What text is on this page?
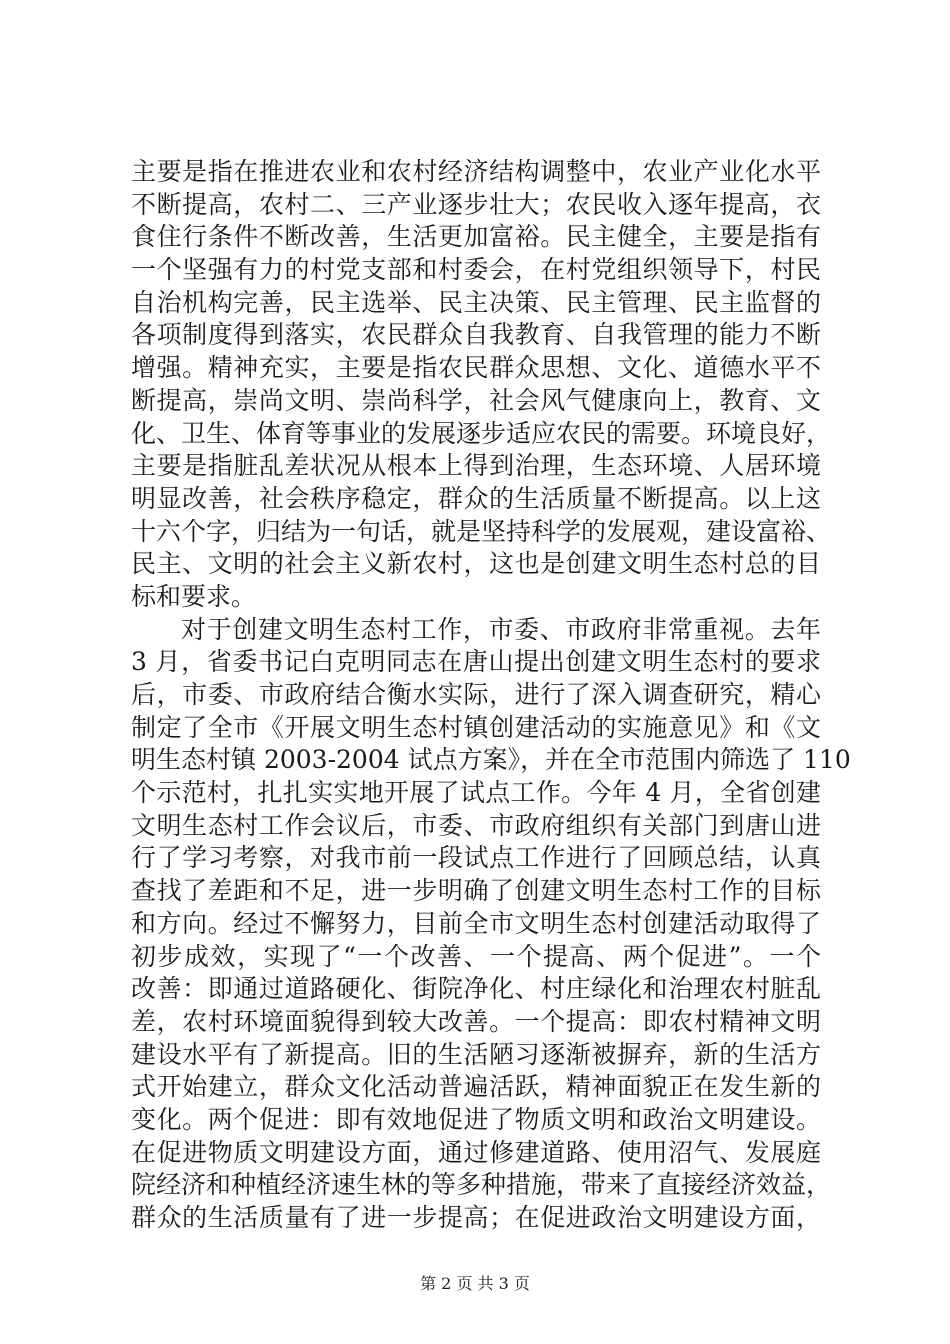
主要是指在推进农业和农村经济结构调整中，农业产业化水平
不断提高，农村二、三产业逐步壮大；农民收入逐年提高，衣
食住行条件不断改善，生活更加富裕。民主健全，主要是指有
一个坚强有力的村党支部和村委会，在村党组织领导下，村民
自治机构完善，民主选举、民主决策、民主管理、民主监督的
各项制度得到落实，农民群众自我教育、自我管理的能力不断
增强。精神充实，主要是指农民群众思想、文化、道德水平不
断提高，崇尚文明、崇尚科学，社会风气健康向上，教育、文
化、卫生、体育等事业的发展逐步适应农民的需要。环境良好，
主要是指脏乱差状况从根本上得到治理，生态环境、人居环境
明显改善，社会秩序稳定，群众的生活质量不断提高。以上这
十六个字，归结为一句话，就是坚持科学的发展观，建设富裕、
民主、文明的社会主义新农村，这也是创建文明生态村总的目
标和要求。
对于创建文明生态村工作，市委、市政府非常重视。去年
3 月，省委书记白克明同志在唐山提出创建文明生态村的要求
后，市委、市政府结合衡水实际，进行了深入调查研究，精心
制定了全市《开展文明生态村镇创建活动的实施意见》和《文
明生态村镇 2003-2004 试点方案》，并在全市范围内筛选了 110
个示范村，扎扎实实地开展了试点工作。今年 4 月，全省创建
文明生态村工作会议后，市委、市政府组织有关部门到唐山进
行了学习考察，对我市前一段试点工作进行了回顾总结，认真
查找了差距和不足，进一步明确了创建文明生态村工作的目标
和方向。经过不懈努力，目前全市文明生态村创建活动取得了
初步成效，实现了“一个改善、一个提高、两个促进”。一个
改善：即通过道路硬化、街院净化、村庄绿化和治理农村脏乱
差，农村环境面貌得到较大改善。一个提高：即农村精神文明
建设水平有了新提高。旧的生活陋习逐渐被摒弃，新的生活方
式开始建立，群众文化活动普遍活跃，精神面貌正在发生新的
变化。两个促进：即有效地促进了物质文明和政治文明建设。
在促进物质文明建设方面，通过修建道路、使用沼气、发展庭
院经济和种植经济速生林的等多种措施，带来了直接经济效益，
群众的生活质量有了进一步提高；在促进政治文明建设方面，
第 2 页 共 3 页
